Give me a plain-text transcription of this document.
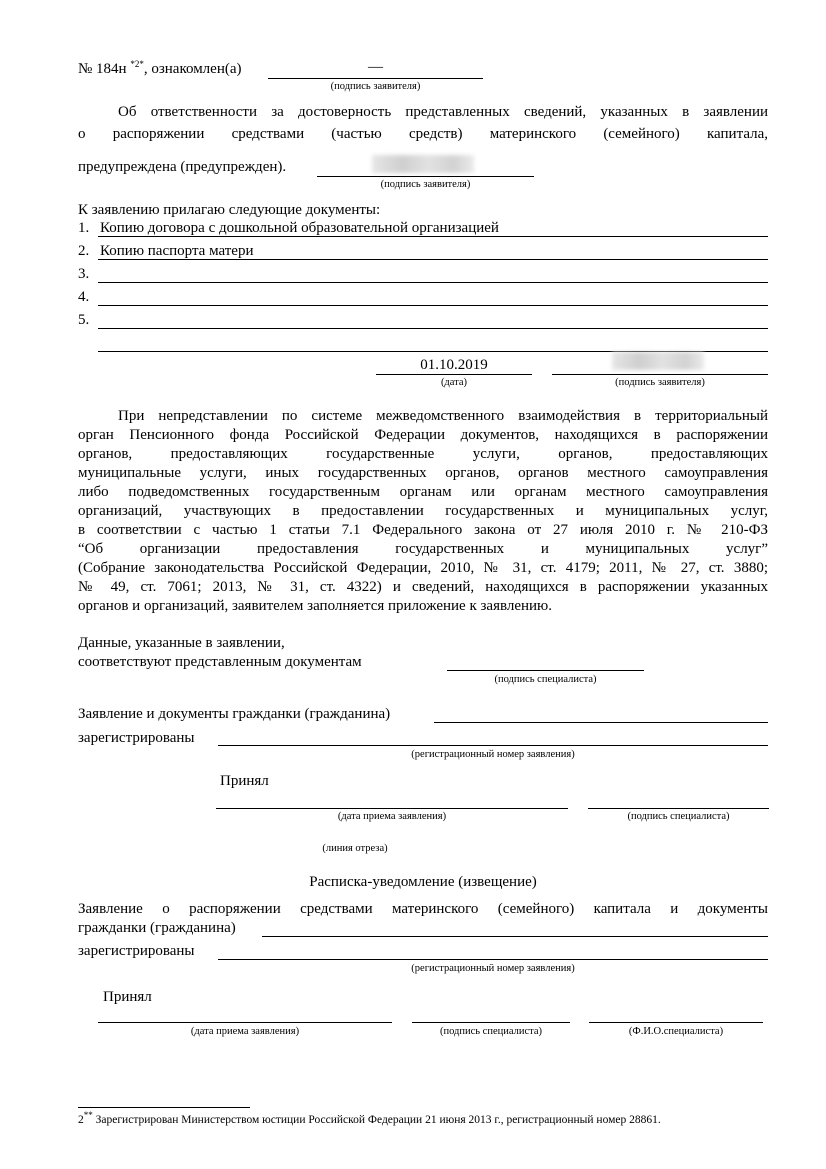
№ 184н $^{*2*}$, ознакомлен(а)	—
(подпись заявителя)
Об ответственности за достоверность представленных сведений, указанных в заявлении
о распоряжении средствами (частью средств) материнского (семейного) капитала,
предупреждена (предупрежден).
(подпись заявителя)
К заявлению прилагаю следующие документы:
1. Копию договора с дошкольной образовательной организацией
2. Копию паспорта матери
3.
4.
5.
01.10.2019
(дата)	(подпись заявителя)
При непредставлении по системе межведомственного взаимодействия в территориальный
орган Пенсионного фонда Российской Федерации документов, находящихся в распоряжении
органов, предоставляющих государственные услуги, органов, предоставляющих
муниципальные услуги, иных государственных органов, органов местного самоуправления
либо подведомственных государственным органам или органам местного самоуправления
организаций, участвующих в предоставлении государственных и муниципальных услуг,
в соответствии с частью 1 статьи 7.1 Федерального закона от 27 июля 2010 г. № 210-ФЗ
“Об организации предоставления государственных и муниципальных услуг”
(Собрание законодательства Российской Федерации, 2010, № 31, ст. 4179; 2011, № 27, ст. 3880;
№ 49, ст. 7061; 2013, № 31, ст. 4322) и сведений, находящихся в распоряжении указанных
органов и организаций, заявителем заполняется приложение к заявлению.
Данные, указанные в заявлении,
соответствуют представленным документам
(подпись специалиста)
Заявление и документы гражданки (гражданина)
зарегистрированы
(регистрационный номер заявления)
Принял
(дата приема заявления)	(подпись специалиста)
(линия отреза)
Расписка-уведомление (извещение)
Заявление о распоряжении средствами материнского (семейного) капитала и документы
гражданки (гражданина)
зарегистрированы
(регистрационный номер заявления)
Принял
(дата приема заявления)	(подпись специалиста)	(Ф.И.О.специалиста)
2** Зарегистрирован Министерством юстиции Российской Федерации 21 июня 2013 г., регистрационный номер 28861.
